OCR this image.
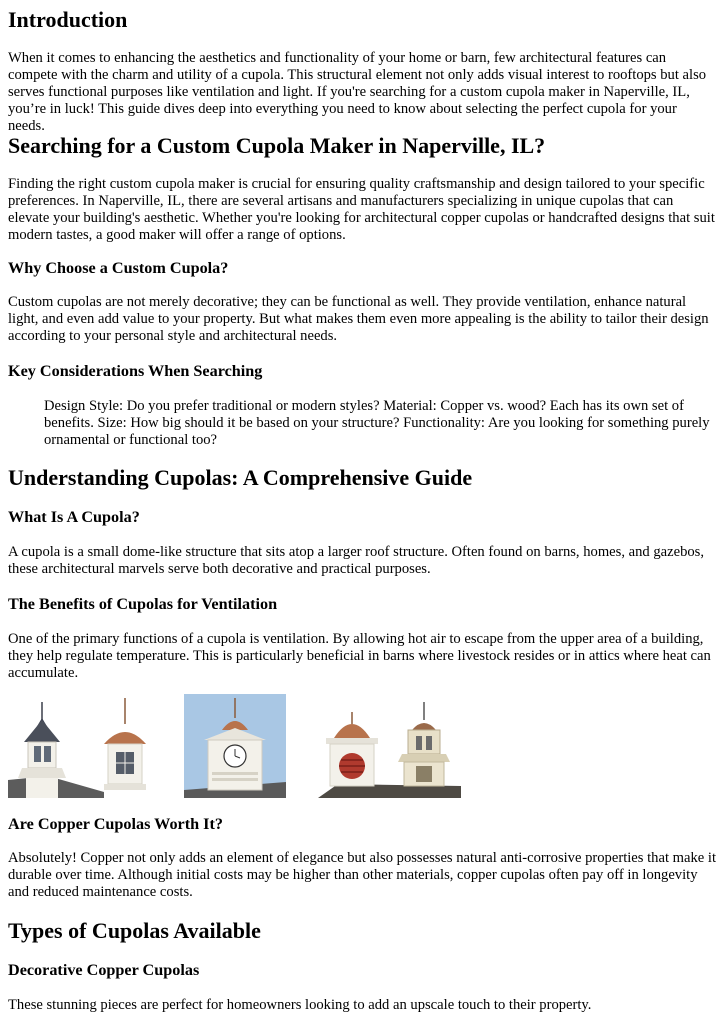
Introduction

When it comes to enhancing the aesthetics and functionality of your home or barn, few architectural features can compete with the charm and utility of a cupola. This structural element not only adds visual interest to rooftops but also serves functional purposes like ventilation and light. If you're searching for a custom cupola maker in Naperville, IL, you’re in luck! This guide dives deep into everything you need to know about selecting the perfect cupola for your needs.

Searching for a Custom Cupola Maker in Naperville, IL?

Finding the right custom cupola maker is crucial for ensuring quality craftsmanship and design tailored to your specific preferences. In Naperville, IL, there are several artisans and manufacturers specializing in unique cupolas that can elevate your building's aesthetic. Whether you're looking for architectural copper cupolas or handcrafted designs that suit modern tastes, a good maker will offer a range of options.

Why Choose a Custom Cupola?

Custom cupolas are not merely decorative; they can be functional as well. They provide ventilation, enhance natural light, and even add value to your property. But what makes them even more appealing is the ability to tailor their design according to your personal style and architectural needs.

Key Considerations When Searching
Design Style: Do you prefer traditional or modern styles? Material: Copper vs. wood? Each has its own set of benefits. Size: How big should it be based on your structure? Functionality: Are you looking for something purely ornamental or functional too?
Understanding Cupolas: A Comprehensive Guide
What Is A Cupola?

A cupola is a small dome-like structure that sits atop a larger roof structure. Often found on barns, homes, and gazebos, these architectural marvels serve both decorative and practical purposes.

The Benefits of Cupolas for Ventilation

One of the primary functions of a cupola is ventilation. By allowing hot air to escape from the upper area of a building, they help regulate temperature. This is particularly beneficial in barns where livestock resides or in attics where heat can accumulate.

Are Copper Cupolas Worth It?

Absolutely! Copper not only adds an element of elegance but also possesses natural anti-corrosive properties that make it durable over time. Although initial costs may be higher than other materials, copper cupolas often pay off in longevity and reduced maintenance costs.

Types of Cupolas Available
Decorative Copper Cupolas

These stunning pieces are perfect for homeowners looking to add an upscale touch to their property.
